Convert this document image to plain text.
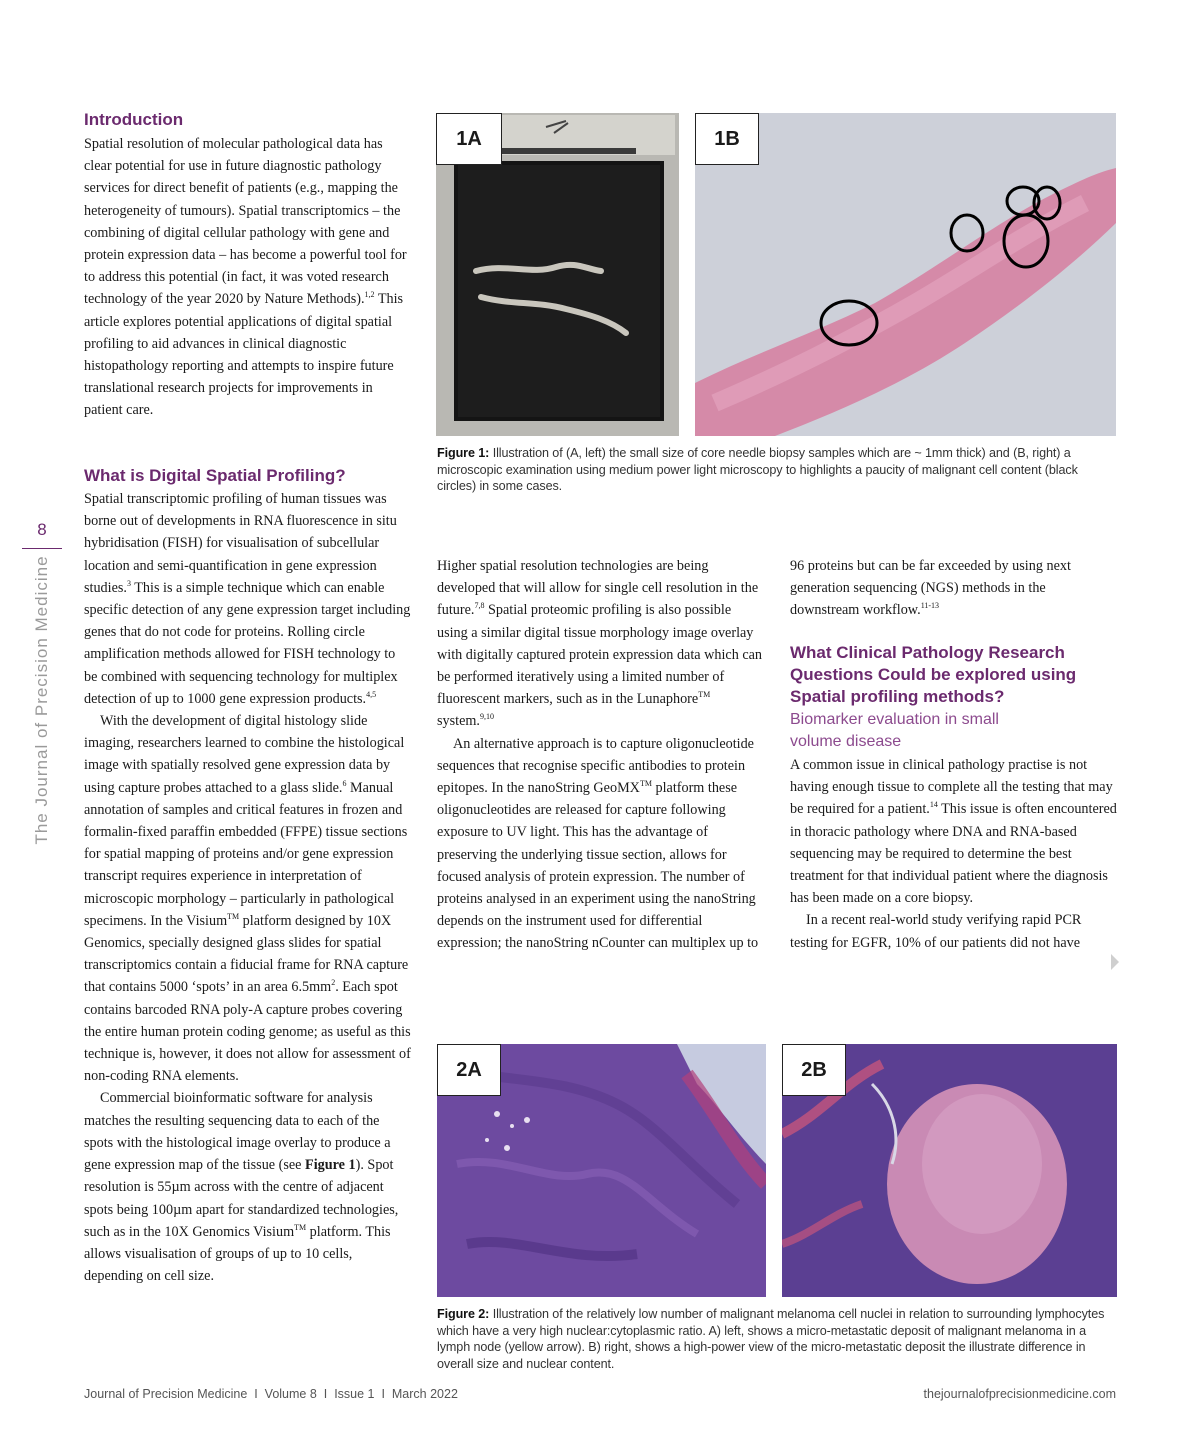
8
The Journal of Precision Medicine
Introduction

Spatial resolution of molecular pathological data has clear potential for use in future diagnostic pathology services for direct benefit of patients (e.g., mapping the heterogeneity of tumours). Spatial transcriptomics – the combining of digital cellular pathology with gene and protein expression data – has become a powerful tool for to address this potential (in fact, it was voted research technology of the year 2020 by Nature Methods).$^{1,2}$ This article explores potential applications of digital spatial profiling to aid advances in clinical diagnostic histopathology reporting and attempts to inspire future translational research projects for improvements in patient care.

What is Digital Spatial Profiling?

Spatial transcriptomic profiling of human tissues was borne out of developments in RNA fluorescence in situ hybridisation (FISH) for visualisation of subcellular location and semi-quantification in gene expression studies.$^3$ This is a simple technique which can enable specific detection of any gene expression target including genes that do not code for proteins. Rolling circle amplification methods allowed for FISH technology to be combined with sequencing technology for multiplex detection of up to 1000 gene expression products.$^{4,5}$

With the development of digital histology slide imaging, researchers learned to combine the histological image with spatially resolved gene expression data by using capture probes attached to a glass slide.$^6$ Manual annotation of samples and critical features in frozen and formalin-fixed paraffin embedded (FFPE) tissue sections for spatial mapping of proteins and/or gene expression transcript requires experience in interpretation of microscopic morphology – particularly in pathological specimens. In the Visium™ platform designed by 10X Genomics, specially designed glass slides for spatial transcriptomics contain a fiducial frame for RNA capture that contains 5000 ‘spots’ in an area $6.5mm^2$. Each spot contains barcoded RNA poly-A capture probes covering the entire human protein coding genome; as useful as this technique is, however, it does not allow for assessment of non-coding RNA elements.

Commercial bioinformatic software for analysis matches the resulting sequencing data to each of the spots with the histological image overlay to produce a gene expression map of the tissue (see Figure 1). Spot resolution is 55µm across with the centre of adjacent spots being 100µm apart for standardized technologies, such as in the 10X Genomics Visium™ platform. This allows visualisation of groups of up to 10 cells, depending on cell size.

1A	1B
Figure 1: Illustration of (A, left) the small size of core needle biopsy samples which are ~ 1mm thick) and (B, right) a microscopic examination using medium power light microscopy to highlights a paucity of malignant cell content (black circles) in some cases.

Higher spatial resolution technologies are being developed that will allow for single cell resolution in the future.$^{7,8}$ Spatial proteomic profiling is also possible using a similar digital tissue morphology image overlay with digitally captured protein expression data which can be performed iteratively using a limited number of fluorescent markers, such as in the Lunaphore™ system.$^{9,10}$

An alternative approach is to capture oligonucleotide sequences that recognise specific antibodies to protein epitopes. In the nanoString GeoMX™ platform these oligonucleotides are released for capture following exposure to UV light. This has the advantage of preserving the underlying tissue section, allows for focused analysis of protein expression. The number of proteins analysed in an experiment using the nanoString depends on the instrument used for differential expression; the nanoString nCounter can multiplex up to

96 proteins but can be far exceeded by using next generation sequencing (NGS) methods in the downstream workflow.$^{11-13}$

What Clinical Pathology Research Questions Could be explored using Spatial profiling methods?
Biomarker evaluation in small volume disease

A common issue in clinical pathology practise is not having enough tissue to complete all the testing that may be required for a patient.$^{14}$ This issue is often encountered in thoracic pathology where DNA and RNA-based sequencing may be required to determine the best treatment for that individual patient where the diagnosis has been made on a core biopsy.

In a recent real-world study verifying rapid PCR testing for EGFR, 10% of our patients did not have

2A	2B
Figure 2: Illustration of the relatively low number of malignant melanoma cell nuclei in relation to surrounding lymphocytes which have a very high nuclear:cytoplasmic ratio. A) left, shows a micro-metastatic deposit of malignant melanoma in a lymph node (yellow arrow). B) right, shows a high-power view of the micro-metastatic deposit the illustrate difference in overall size and nuclear content.
Journal of Precision Medicine I Volume 8 I Issue 1 I March 2022	thejournalofprecisionmedicine.com
